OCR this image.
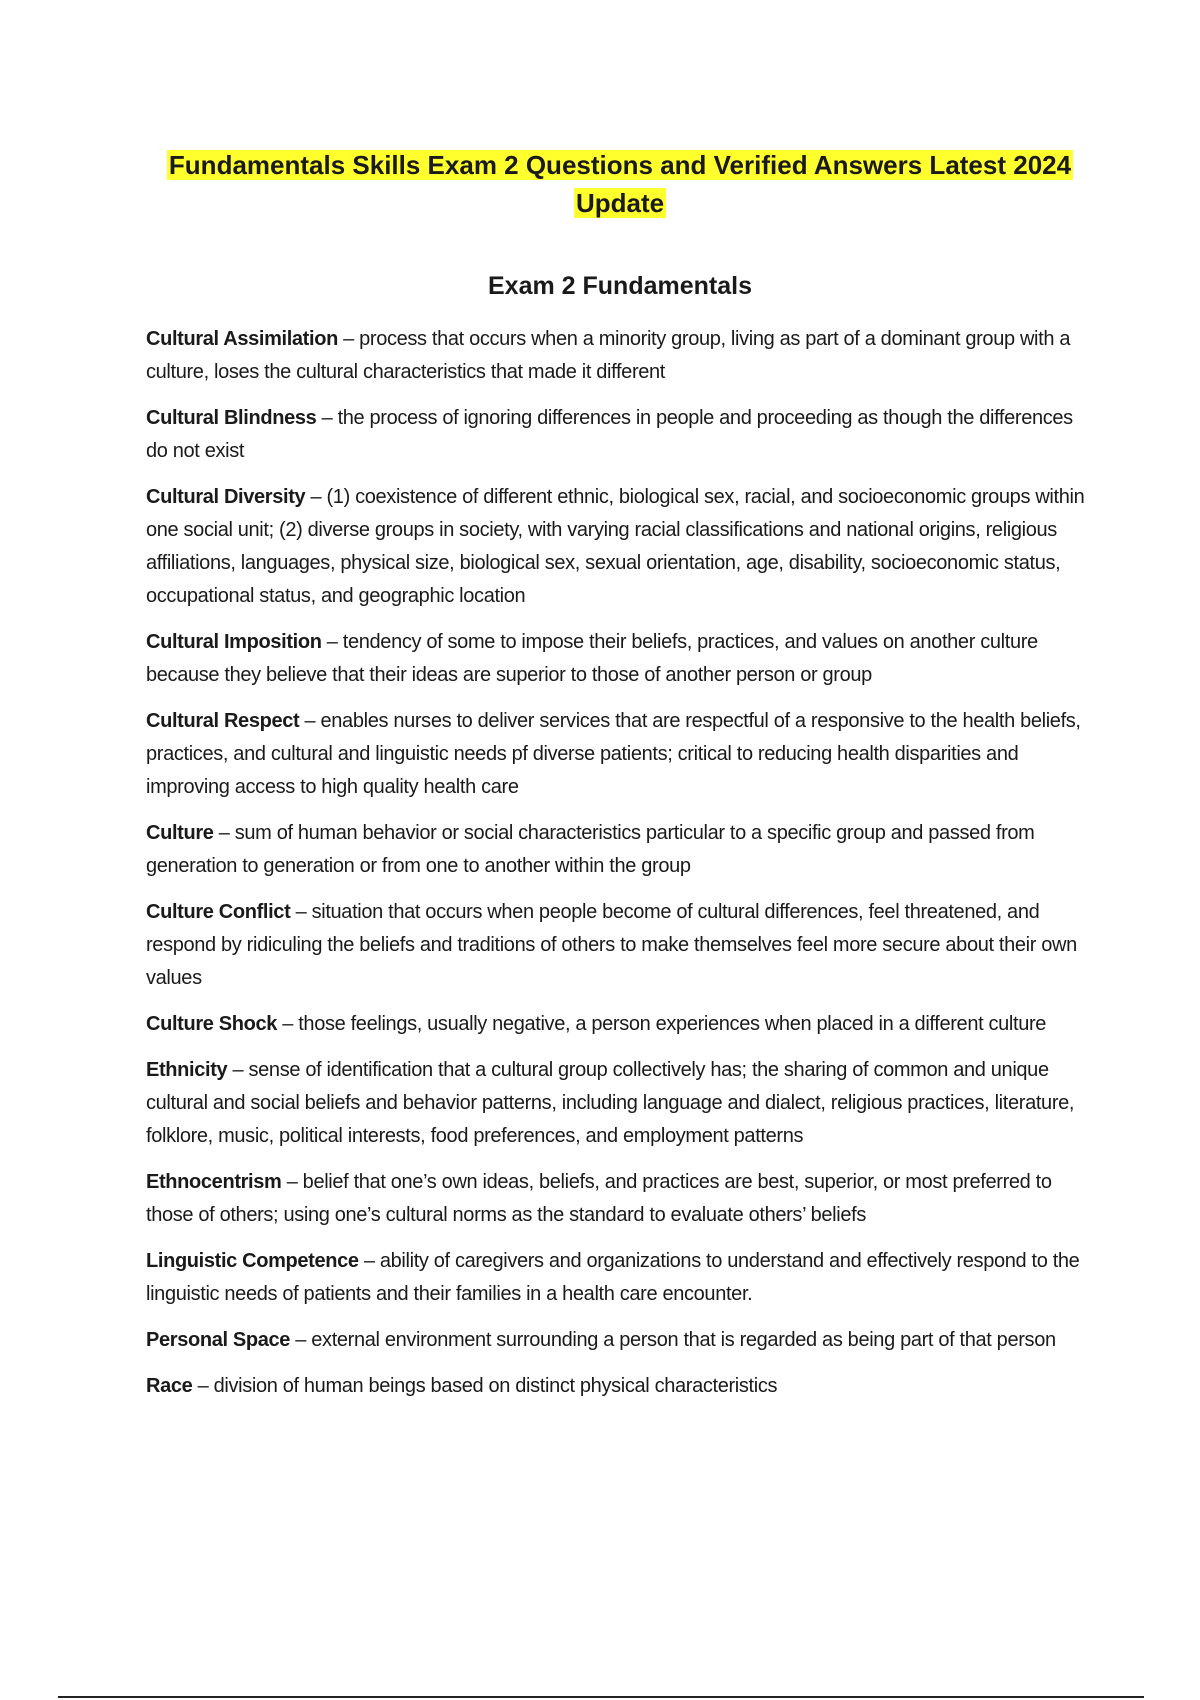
Fundamentals Skills Exam 2 Questions and Verified Answers Latest 2024 Update
Exam 2 Fundamentals

Cultural Assimilation – process that occurs when a minority group, living as part of a dominant group with a culture, loses the cultural characteristics that made it different

Cultural Blindness – the process of ignoring differences in people and proceeding as though the differences do not exist

Cultural Diversity – (1) coexistence of different ethnic, biological sex, racial, and socioeconomic groups within one social unit; (2) diverse groups in society, with varying racial classifications and national origins, religious affiliations, languages, physical size, biological sex, sexual orientation, age, disability, socioeconomic status, occupational status, and geographic location

Cultural Imposition – tendency of some to impose their beliefs, practices, and values on another culture because they believe that their ideas are superior to those of another person or group

Cultural Respect – enables nurses to deliver services that are respectful of a responsive to the health beliefs, practices, and cultural and linguistic needs pf diverse patients; critical to reducing health disparities and improving access to high quality health care

Culture – sum of human behavior or social characteristics particular to a specific group and passed from generation to generation or from one to another within the group

Culture Conflict – situation that occurs when people become of cultural differences, feel threatened, and respond by ridiculing the beliefs and traditions of others to make themselves feel more secure about their own values

Culture Shock – those feelings, usually negative, a person experiences when placed in a different culture

Ethnicity – sense of identification that a cultural group collectively has; the sharing of common and unique cultural and social beliefs and behavior patterns, including language and dialect, religious practices, literature, folklore, music, political interests, food preferences, and employment patterns

Ethnocentrism – belief that one’s own ideas, beliefs, and practices are best, superior, or most preferred to those of others; using one’s cultural norms as the standard to evaluate others’ beliefs

Linguistic Competence – ability of caregivers and organizations to understand and effectively respond to the linguistic needs of patients and their families in a health care encounter.

Personal Space – external environment surrounding a person that is regarded as being part of that person

Race – division of human beings based on distinct physical characteristics
